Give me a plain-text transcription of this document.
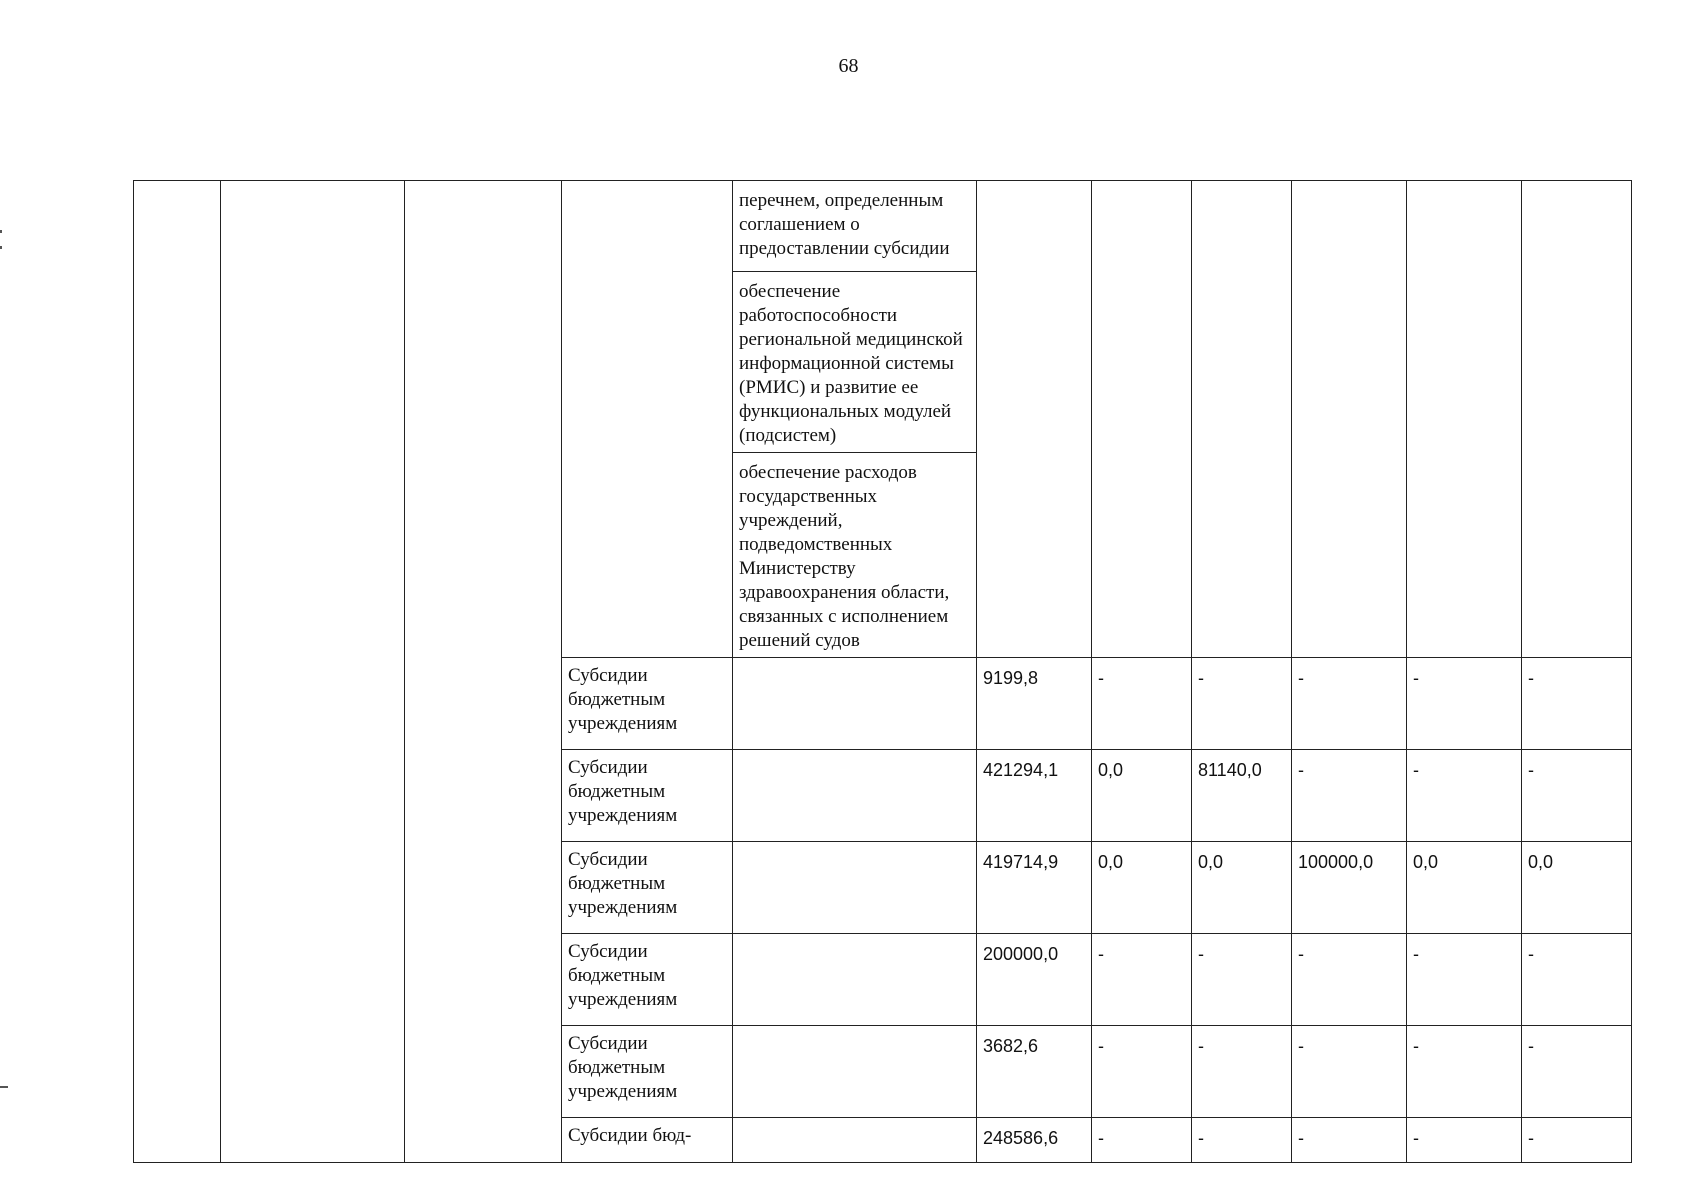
68
				перечнем, определенным соглашением о предоставлении субсидии						
				обеспечение работоспособности региональной медицинской информационной системы (РМИС) и развитие ее функциональных модулей (подсистем)						
				обеспечение расходов государственных учреждений, подведомственных Министерству здравоохранения области, связанных с исполнением решений судов						
			Субсидии бюджетным учреждениям		9199,8	-	-	-	-	-
			Субсидии бюджетным учреждениям		421294,1	0,0	81140,0	-	-	-
			Субсидии бюджетным учреждениям		419714,9	0,0	0,0	100000,0	0,0	0,0
			Субсидии бюджетным учреждениям		200000,0	-	-	-	-	-
			Субсидии бюджетным учреждениям		3682,6	-	-	-	-	-
			Субсидии бюд-		248586,6	-	-	-	-	-
